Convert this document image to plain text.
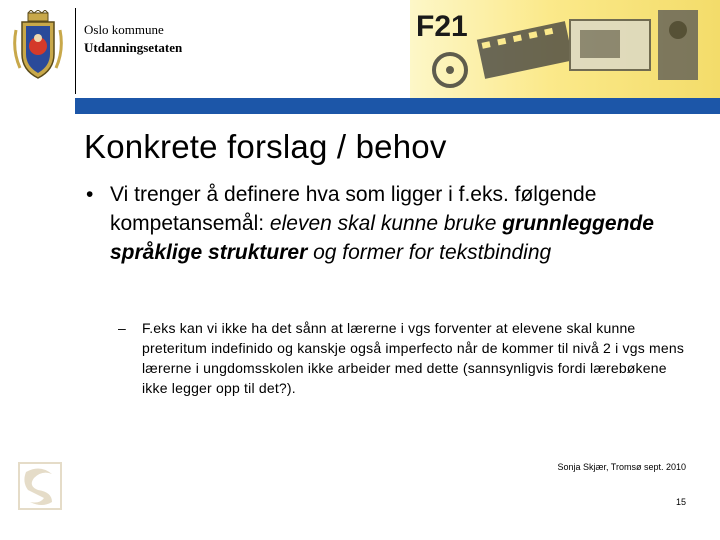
Oslo kommune
Utdanningsetaten
F21
Konkrete forslag / behov
• Vi trenger å definere hva som ligger i f.eks. følgende kompetansemål: eleven skal kunne bruke grunnleggende språklige strukturer og former for tekstbinding
– F.eks kan vi ikke ha det sånn at lærerne i vgs forventer at elevene skal kunne preteritum indefinido og kanskje også imperfecto når de kommer til nivå 2 i vgs mens lærerne i ungdomsskolen ikke arbeider med dette (sannsynligvis fordi lærebøkene ikke legger opp til det?).
Sonja Skjær, Tromsø sept. 2010
15
